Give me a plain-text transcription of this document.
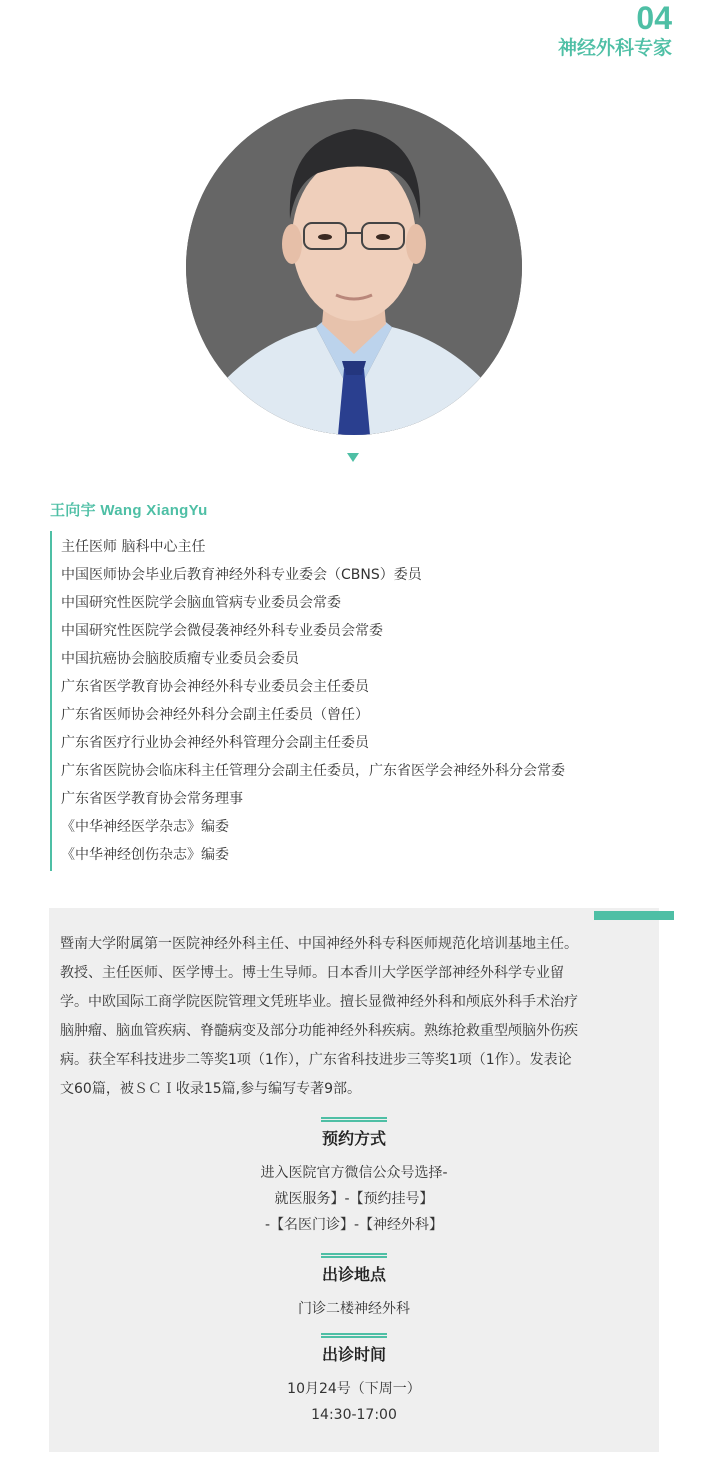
04
神经外科专家
王向宇 Wang XiangYu
主任医师 脑科中心主任
中国医师协会毕业后教育神经外科专业委会（CBNS）委员
中国研究性医院学会脑血管病专业委员会常委
中国研究性医院学会微侵袭神经外科专业委员会常委
中国抗癌协会脑胶质瘤专业委员会委员
广东省医学教育协会神经外科专业委员会主任委员
广东省医师协会神经外科分会副主任委员（曾任）
广东省医疗行业协会神经外科管理分会副主任委员
广东省医院协会临床科主任管理分会副主任委员，广东省医学会神经外科分会常委
广东省医学教育协会常务理事
《中华神经医学杂志》编委
《中华神经创伤杂志》编委
暨南大学附属第一医院神经外科主任、中国神经外科专科医师规范化培训基地主任。
教授、主任医师、医学博士。博士生导师。日本香川大学医学部神经外科学专业留
学。中欧国际工商学院医院管理文凭班毕业。擅长显微神经外科和颅底外科手术治疗
脑肿瘤、脑血管疾病、脊髓病变及部分功能神经外科疾病。熟练抢救重型颅脑外伤疾
病。获全军科技进步二等奖1项（1作），广东省科技进步三等奖1项（1作）。发表论
文60篇，被ＳＣＩ收录15篇,参与编写专著9部。
预约方式
进入医院官方微信公众号选择-
就医服务】-【预约挂号】
-【名医门诊】-【神经外科】
出诊地点
门诊二楼神经外科
出诊时间
10月24号（下周一）
14:30-17:00
